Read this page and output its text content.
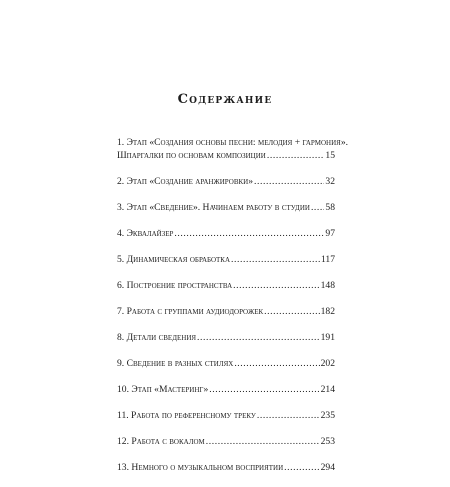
Содержание
1. Этап «Создания основы песни: мелодия + гармония».
Шпаргалки по основам композиции .....	15
2. Этап «Создание аранжировки» .....	32
3. Этап «Сведение». Начинаем работу в студии ..... 58
4. Эквалайзер .....	97
5. Динамическая обработка .....	117
6. Построение пространства .....	148
7. Работа с группами аудиодорожек .....	182
8. Детали сведения .....	191
9. Сведение в разных стилях .....	202
10. Этап «Мастеринг» .....	214
11. Работа по референсному треку .....	235
12. Работа с вокалом .....	253
13. Немного о музыкальном восприятии .....	294
